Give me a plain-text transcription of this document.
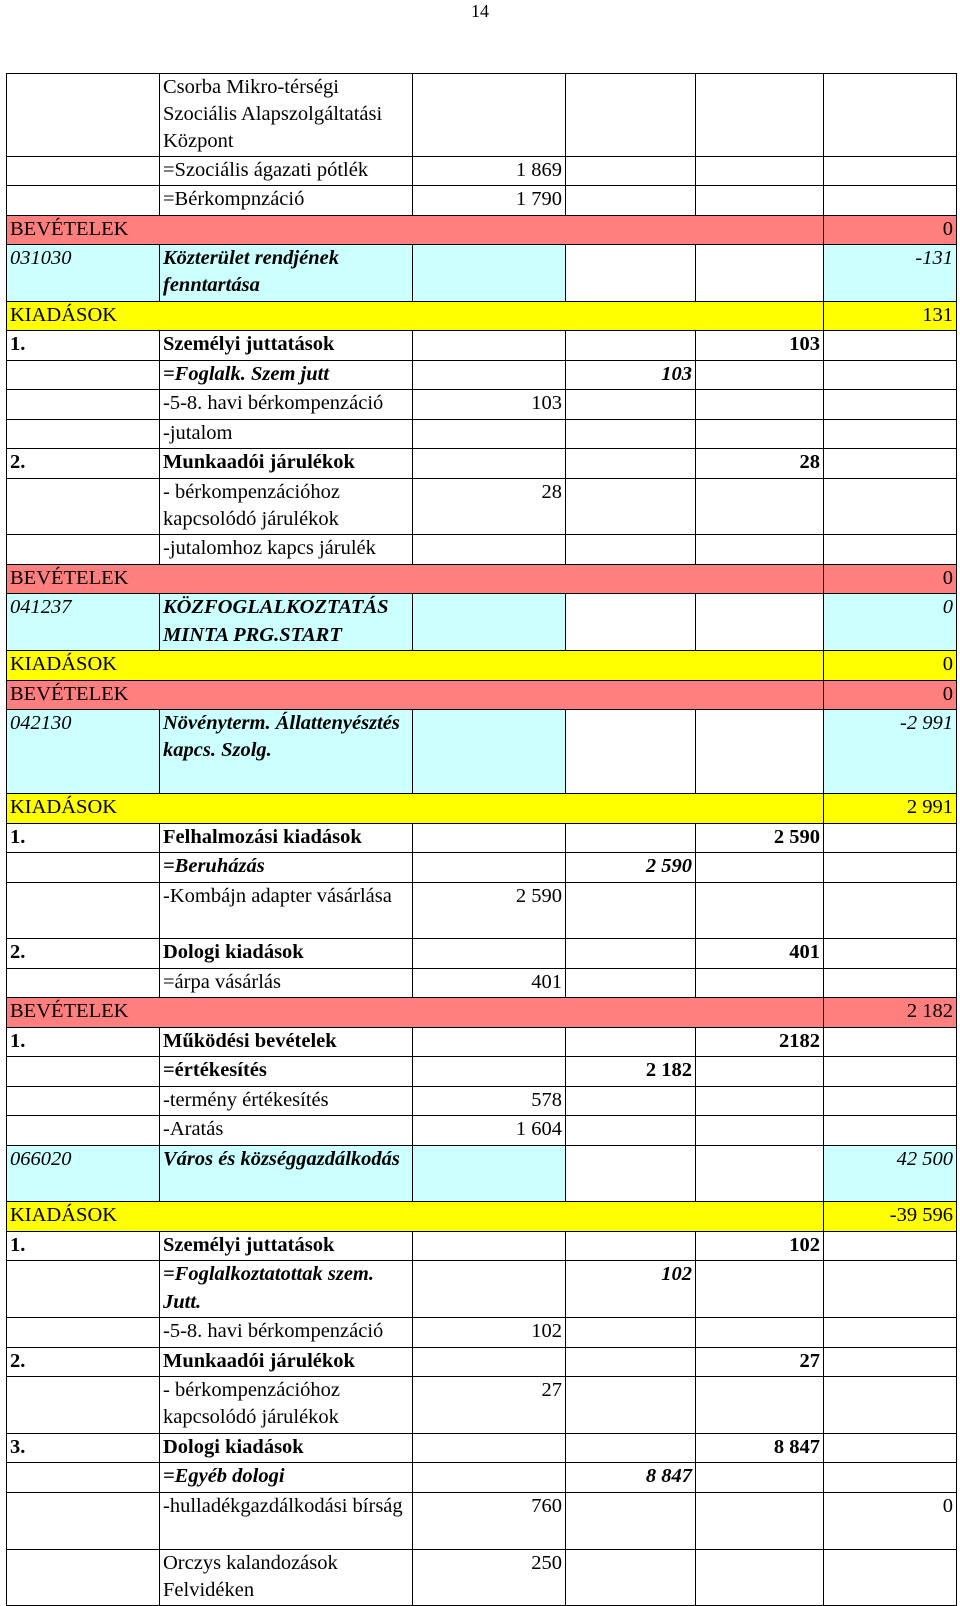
14
	Csorba Mikro-térségi Szociális Alapszolgáltatási Központ				
	=Szociális ágazati pótlék	1 869			
	=Bérkompnzáció	1 790			
BEVÉTELEK					0
031030	Közterület rendjének fenntartása				-131
KIADÁSOK					131
1.	Személyi juttatások			103	
	=Foglalk. Szem jutt		103		
	-5-8. havi bérkompenzáció	103			
	-jutalom				
2.	Munkaadói járulékok			28	
	- bérkompenzációhoz kapcsolódó járulékok	28			
	-jutalomhoz kapcs járulék				
BEVÉTELEK					0
041237	KÖZFOGLALKOZTATÁS MINTA PRG.START				0
KIADÁSOK					0
BEVÉTELEK					0
042130	Növényterm. Állattenyésztés kapcs. Szolg.				-2 991
KIADÁSOK					2 991
1.	Felhalmozási kiadások			2 590	
	=Beruházás		2 590		
	-Kombájn adapter vásárlása	2 590			
2.	Dologi kiadások			401	
	=árpa vásárlás	401			
BEVÉTELEK					2 182
1.	Működési bevételek			2182	
	=értékesítés		2 182		
	-termény értékesítés	578			
	-Aratás	1 604			
066020	Város és községgazdálkodás				42 500
KIADÁSOK					-39 596
1.	Személyi juttatások			102	
	=Foglalkoztatottak szem. Jutt.		102		
	-5-8. havi bérkompenzáció	102			
2.	Munkaadói járulékok			27	
	- bérkompenzációhoz kapcsolódó járulékok	27			
3.	Dologi kiadások			8 847	
	=Egyéb dologi		8 847		
	-hulladékgazdálkodási bírság	760			0
	Orczys kalandozások Felvidéken	250			
